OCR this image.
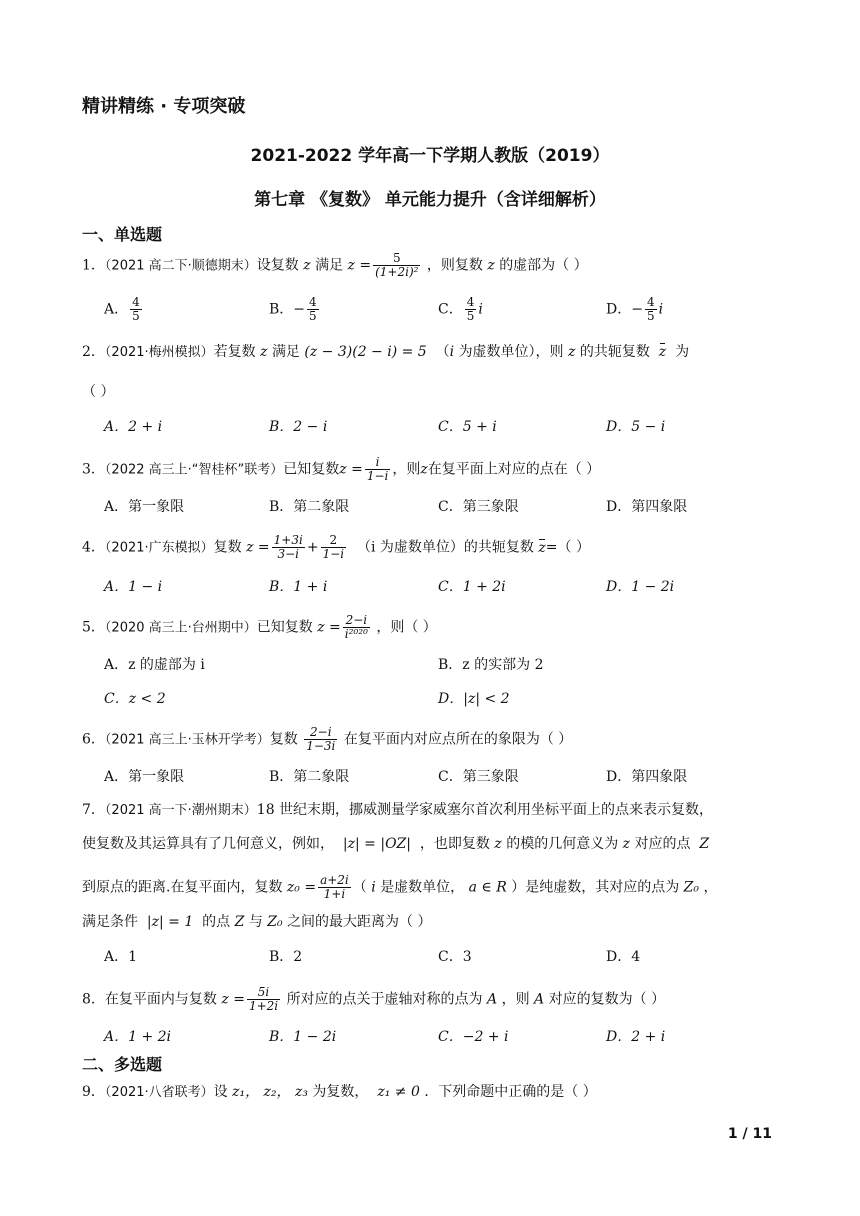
精讲精练 · 专项突破
2021-2022 学年高一下学期人教版（2019）
第七章 《复数》 单元能力提升（含详细解析）
一、单选题
1．（2021 高二下·顺德期末）设复数 z 满足 $z = \frac{5}{\text{(1+2i)²}}$ ，则复数 z 的虚部为（ ）
A． $\frac{4}{5}$	B．− $\frac{4}{5}$	C． $\frac{4}{5}$ i	D．− $\frac{4}{5}$ i
2．（2021·梅州模拟）若复数 z 满足 (z − 3)(2 − i) = 5 （i 为虚数单位），则 z 的共轭复数 z 为
（ ）
A．2 + i	B．2 − i	C．5 + i	D．5 − i
3．（2022 高三上·“智桂杯”联考）已知复数$z = \frac{i}{1-i}$ ，则z在复平面上对应的点在（ ）
A．第一象限	B．第二象限	C．第三象限	D．第四象限
4．（2021·广东模拟）复数 $z = \frac{1+3i}{3-i} + \frac{2}{1-i} (i$ 为虚数单位）的共轭复数 z=（ ）
A．1 − i	B．1 + i	C．1 + 2i	D．1 − 2i
5．（2020 高三上·台州期中）已知复数 $z = \frac{2-i}{\text{i²⁰²⁰}}$ ，则（ ）
A．z 的虚部为 i	B．z 的实部为 2
C．z < 2	D．|z| < 2
6．（2021 高三上·玉林开学考）复数 $\frac{2-i}{1-3i}$ 在复平面内对应点所在的象限为（ ）
A．第一象限	B．第二象限	C．第三象限	D．第四象限
7．（2021 高一下·潮州期末）18 世纪末期，挪威测量学家威塞尔首次利用坐标平面上的点来表示复数，
使复数及其运算具有了几何意义，例如， |z| = |OZ| ，也即复数 z 的模的几何意义为 z 对应的点 Z
到原点的距离.在复平面内，复数 $z_0 = \frac{a+2i}{1+i}$ （ i 是虚数单位， a ∈ R ）是纯虚数，其对应的点为 Z₀ ，
满足条件 |z| = 1 的点 Z 与 Z₀ 之间的最大距离为（ ）
A．1	B．2	C．3	D．4
8．在复平面内与复数 $z = \frac{5i}{1+2i}$ 所对应的点关于虚轴对称的点为 A ，则 A 对应的复数为（ ）
A．1 + 2i	B．1 − 2i	C．−2 + i	D．2 + i
二、多选题
9．（2021·八省联考）设 z₁， z₂， z₃ 为复数， z₁ ≠ 0 ．下列命题中正确的是（ ）
1 / 11
